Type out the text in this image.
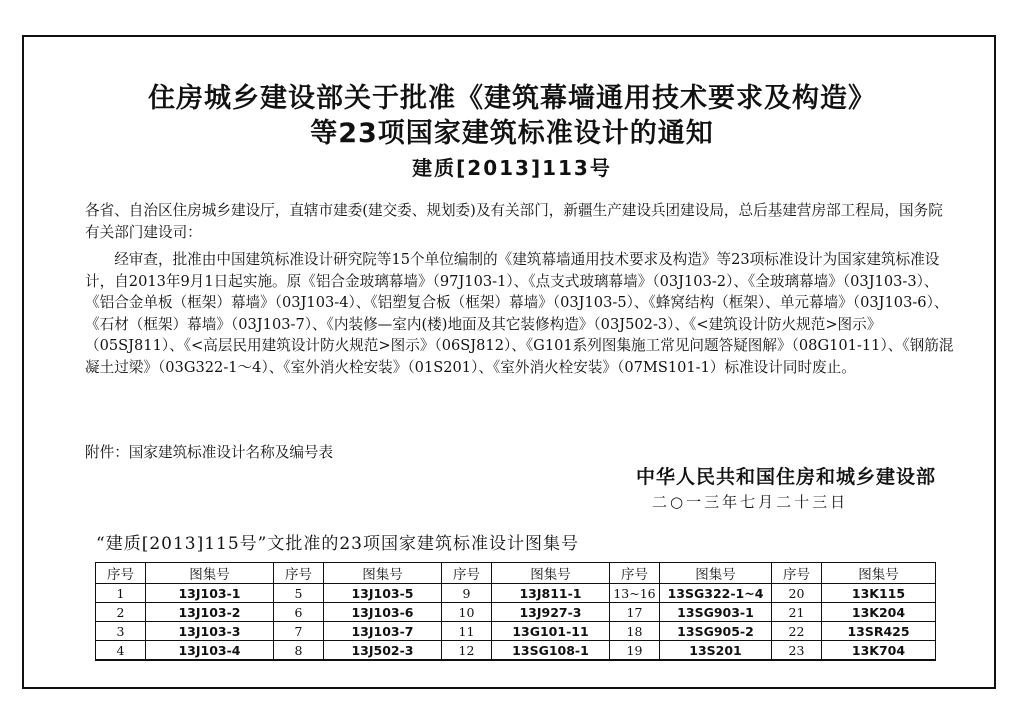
住房城乡建设部关于批准《建筑幕墙通用技术要求及构造》
等23项国家建筑标准设计的通知
建质[2013]113号
各省、自治区住房城乡建设厅，直辖市建委(建交委、规划委)及有关部门，新疆生产建设兵团建设局，总后基建营房部工程局，国务院有关部门建设司：
经审查，批准由中国建筑标准设计研究院等15个单位编制的《建筑幕墙通用技术要求及构造》等23项标准设计为国家建筑标准设计，自2013年9月1日起实施。原《铝合金玻璃幕墙》（97J103-1）、《点支式玻璃幕墙》（03J103-2）、《全玻璃幕墙》（03J103-3）、《铝合金单板（框架）幕墙》（03J103-4）、《铝塑复合板（框架）幕墙》（03J103-5）、《蜂窝结构（框架）、单元幕墙》（03J103-6）、《石材（框架）幕墙》（03J103-7）、《内装修—室内(楼)地面及其它装修构造》（03J502-3）、《<建筑设计防火规范>图示》（05SJ811）、《<高层民用建筑设计防火规范>图示》（06SJ812）、《G101系列图集施工常见问题答疑图解》（08G101-11）、《钢筋混凝土过梁》（03G322-1～4）、《室外消火栓安装》（01S201）、《室外消火栓安装》（07MS101-1）标准设计同时废止。
附件：国家建筑标准设计名称及编号表
中华人民共和国住房和城乡建设部
二○一三年七月二十三日
“建质[2013]115号”文批准的23项国家建筑标准设计图集号
序号	图集号	序号	图集号	序号	图集号	序号	图集号	序号	图集号
1	13J103-1	5	13J103-5	9	13J811-1	13~16	13SG322-1~4	20	13K115
2	13J103-2	6	13J103-6	10	13J927-3	17	13SG903-1	21	13K204
3	13J103-3	7	13J103-7	11	13G101-11	18	13SG905-2	22	13SR425
4	13J103-4	8	13J502-3	12	13SG108-1	19	13S201	23	13K704
